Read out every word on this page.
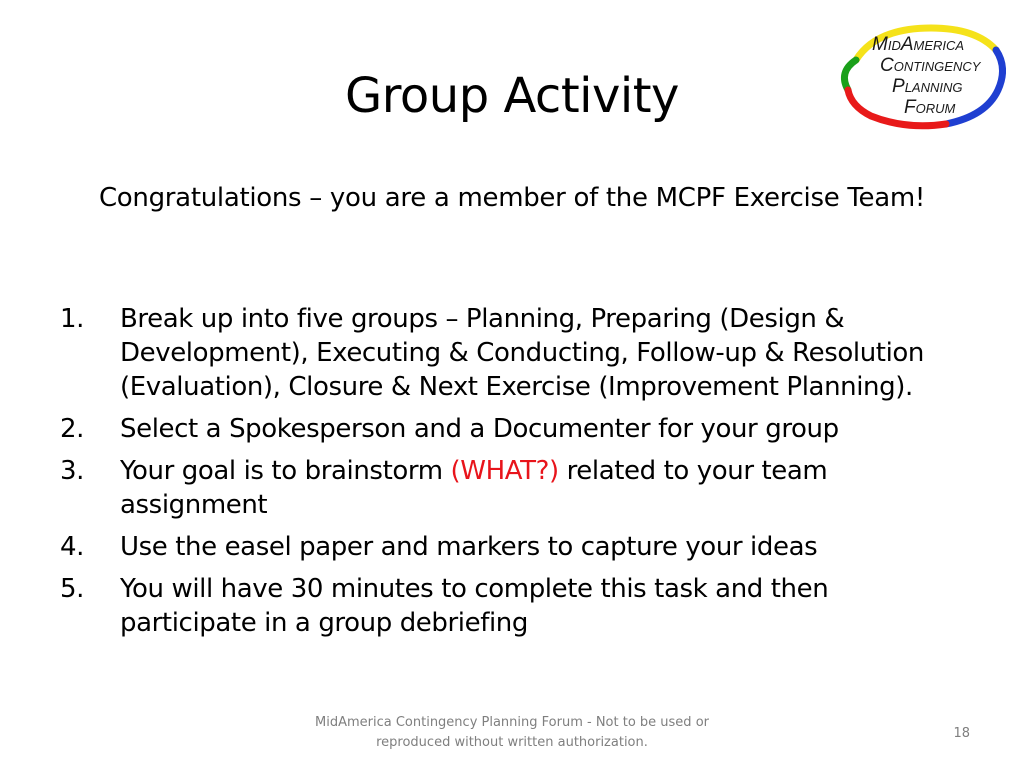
Group Activity
MIDAMERICA
CONTINGENCY
PLANNING
FORUM

Congratulations – you are a member of the MCPF Exercise Team!

1.	Break up into five groups – Planning, Preparing (Design & Development), Executing & Conducting, Follow-up & Resolution (Evaluation), Closure & Next Exercise (Improvement Planning).
2.	Select a Spokesperson and a Documenter for your group
3.	Your goal is to brainstorm (WHAT?) related to your team assignment
4.	Use the easel paper and markers to capture your ideas
5.	You will have 30 minutes to complete this task and then participate in a group debriefing
MidAmerica Contingency Planning Forum - Not to be used or
reproduced without written authorization.
18
